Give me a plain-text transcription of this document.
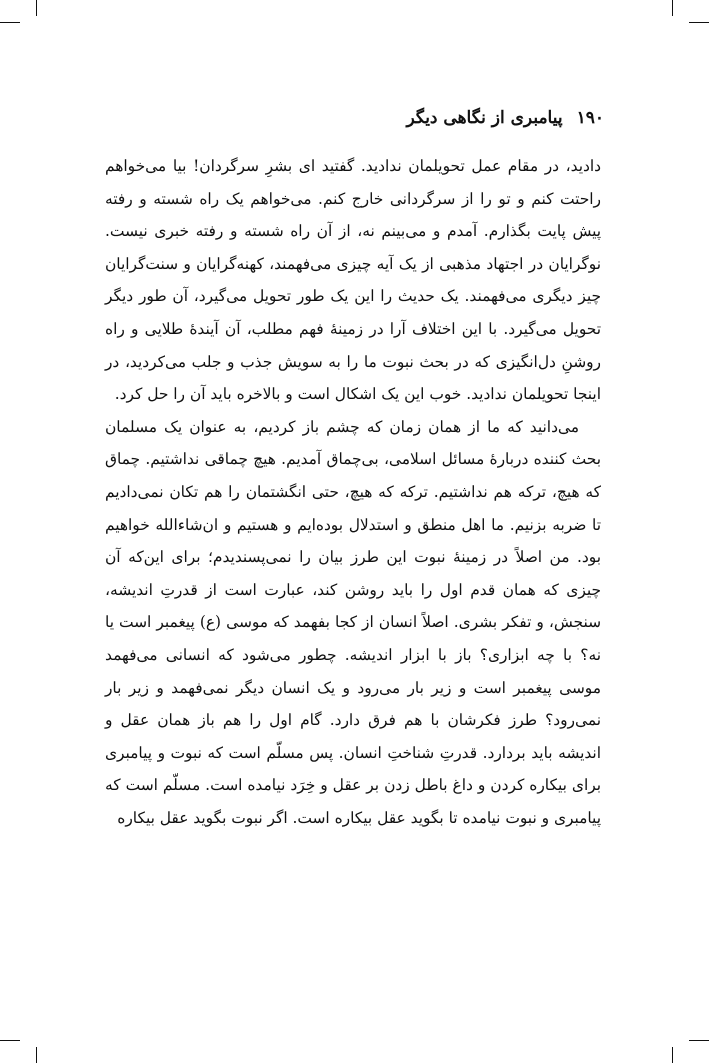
۱۹۰
پیامبری از نگاهی دیگر

دادید، در مقام عمل تحویلمان ندادید. گفتید ای بشرِ سرگردان! بیا می‌خواهم راحتت کنم و تو را از سرگردانی خارج کنم. می‌خواهم یک راه شسته و رفته پیش پایت بگذارم. آمدم و می‌بینم نه، از آن راه شسته و رفته خبری نیست. نوگرایان در اجتهاد مذهبی از یک آیه چیزی می‌فهمند، کهنه‌گرایان و سنت‌گرایان چیز دیگری می‌فهمند. یک حدیث را این یک طور تحویل می‌گیرد، آن طور دیگر تحویل می‌گیرد. با این اختلاف آرا در زمینهٔ فهم مطلب، آن آیندهٔ طلایی و راه روشنِ دل‌انگیزی که در بحث نبوت ما را به سویش جذب و جلب می‌کردید، در اینجا تحویلمان ندادید. خوب این یک اشکال است و بالاخره باید آن را حل کرد.

می‌دانید که ما از همان زمان که چشم باز کردیم، به عنوان یک مسلمان بحث کننده دربارهٔ مسائل اسلامی، بی‌چماق آمدیم. هیچ چماقی نداشتیم. چماق که هیچ، ترکه هم نداشتیم. ترکه که هیچ، حتی انگشتمان را هم تکان نمی‌دادیم تا ضربه بزنیم. ما اهل منطق و استدلال بوده‌ایم و هستیم و ان‌شاءالله خواهیم بود. من اصلاً در زمینهٔ نبوت این طرز بیان را نمی‌پسندیدم؛ برای این‌که آن چیزی که همان قدم اول را باید روشن کند، عبارت است از قدرتِ اندیشه، سنجش، و تفکر بشری. اصلاً انسان از کجا بفهمد که موسی (ع) پیغمبر است یا نه؟ با چه ابزاری؟ باز با ابزار اندیشه. چطور می‌شود که انسانی می‌فهمد موسی پیغمبر است و زیر بار می‌رود و یک انسان دیگر نمی‌فهمد و زیر بار نمی‌رود؟ طرز فکرشان با هم فرق دارد. گام اول را هم باز همان عقل و اندیشه باید بردارد. قدرتِ شناختِ انسان. پس مسلّم است که نبوت و پیامبری برای بیکاره کردن و داغ باطل زدن بر عقل و خِرَد نیامده است. مسلّم است که پیامبری و نبوت نیامده تا بگوید عقل بیکاره است. اگر نبوت بگوید عقل بیکاره
